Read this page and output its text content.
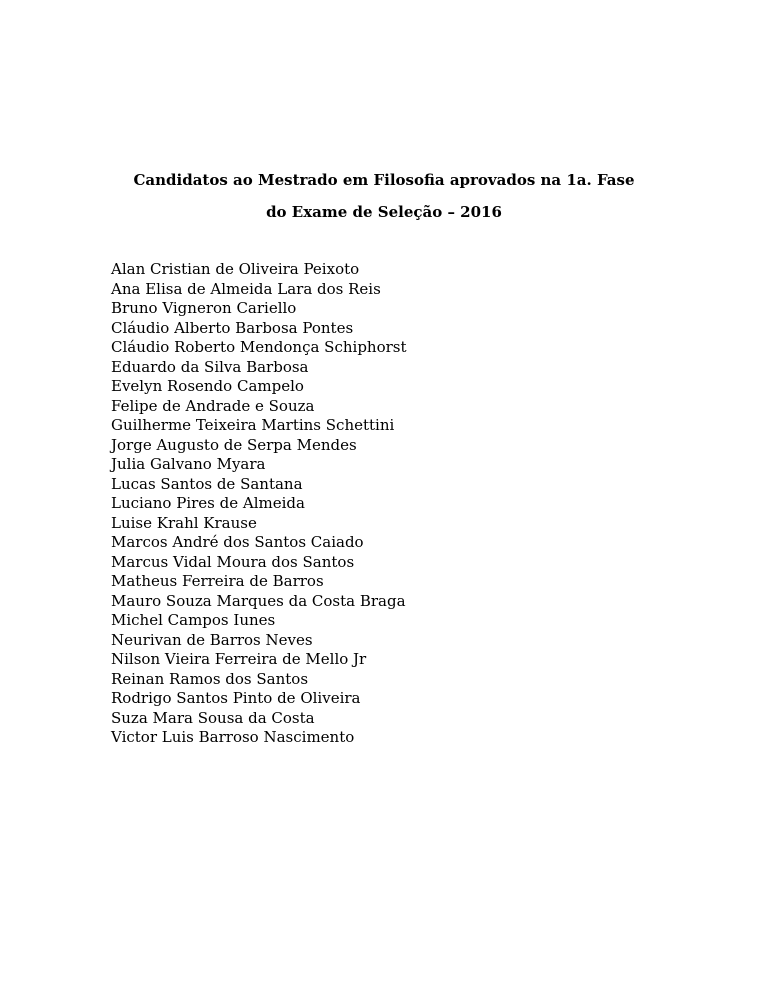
Candidatos ao Mestrado em Filosofia aprovados na 1a. Fase
do Exame de Seleção – 2016
Alan Cristian de Oliveira Peixoto
Ana Elisa de Almeida Lara dos Reis
Bruno Vigneron Cariello
Cláudio Alberto Barbosa Pontes
Cláudio Roberto Mendonça Schiphorst
Eduardo da Silva Barbosa
Evelyn Rosendo Campelo
Felipe de Andrade e Souza
Guilherme Teixeira Martins Schettini
Jorge Augusto de Serpa Mendes
Julia Galvano Myara
Lucas Santos de Santana
Luciano Pires de Almeida
Luise Krahl Krause
Marcos André dos Santos Caiado
Marcus Vidal Moura dos Santos
Matheus Ferreira de Barros
Mauro Souza Marques da Costa Braga
Michel Campos Iunes
Neurivan de Barros Neves
Nilson Vieira Ferreira de Mello Jr
Reinan Ramos dos Santos
Rodrigo Santos Pinto de Oliveira
Suza Mara Sousa da Costa
Victor Luis Barroso Nascimento
